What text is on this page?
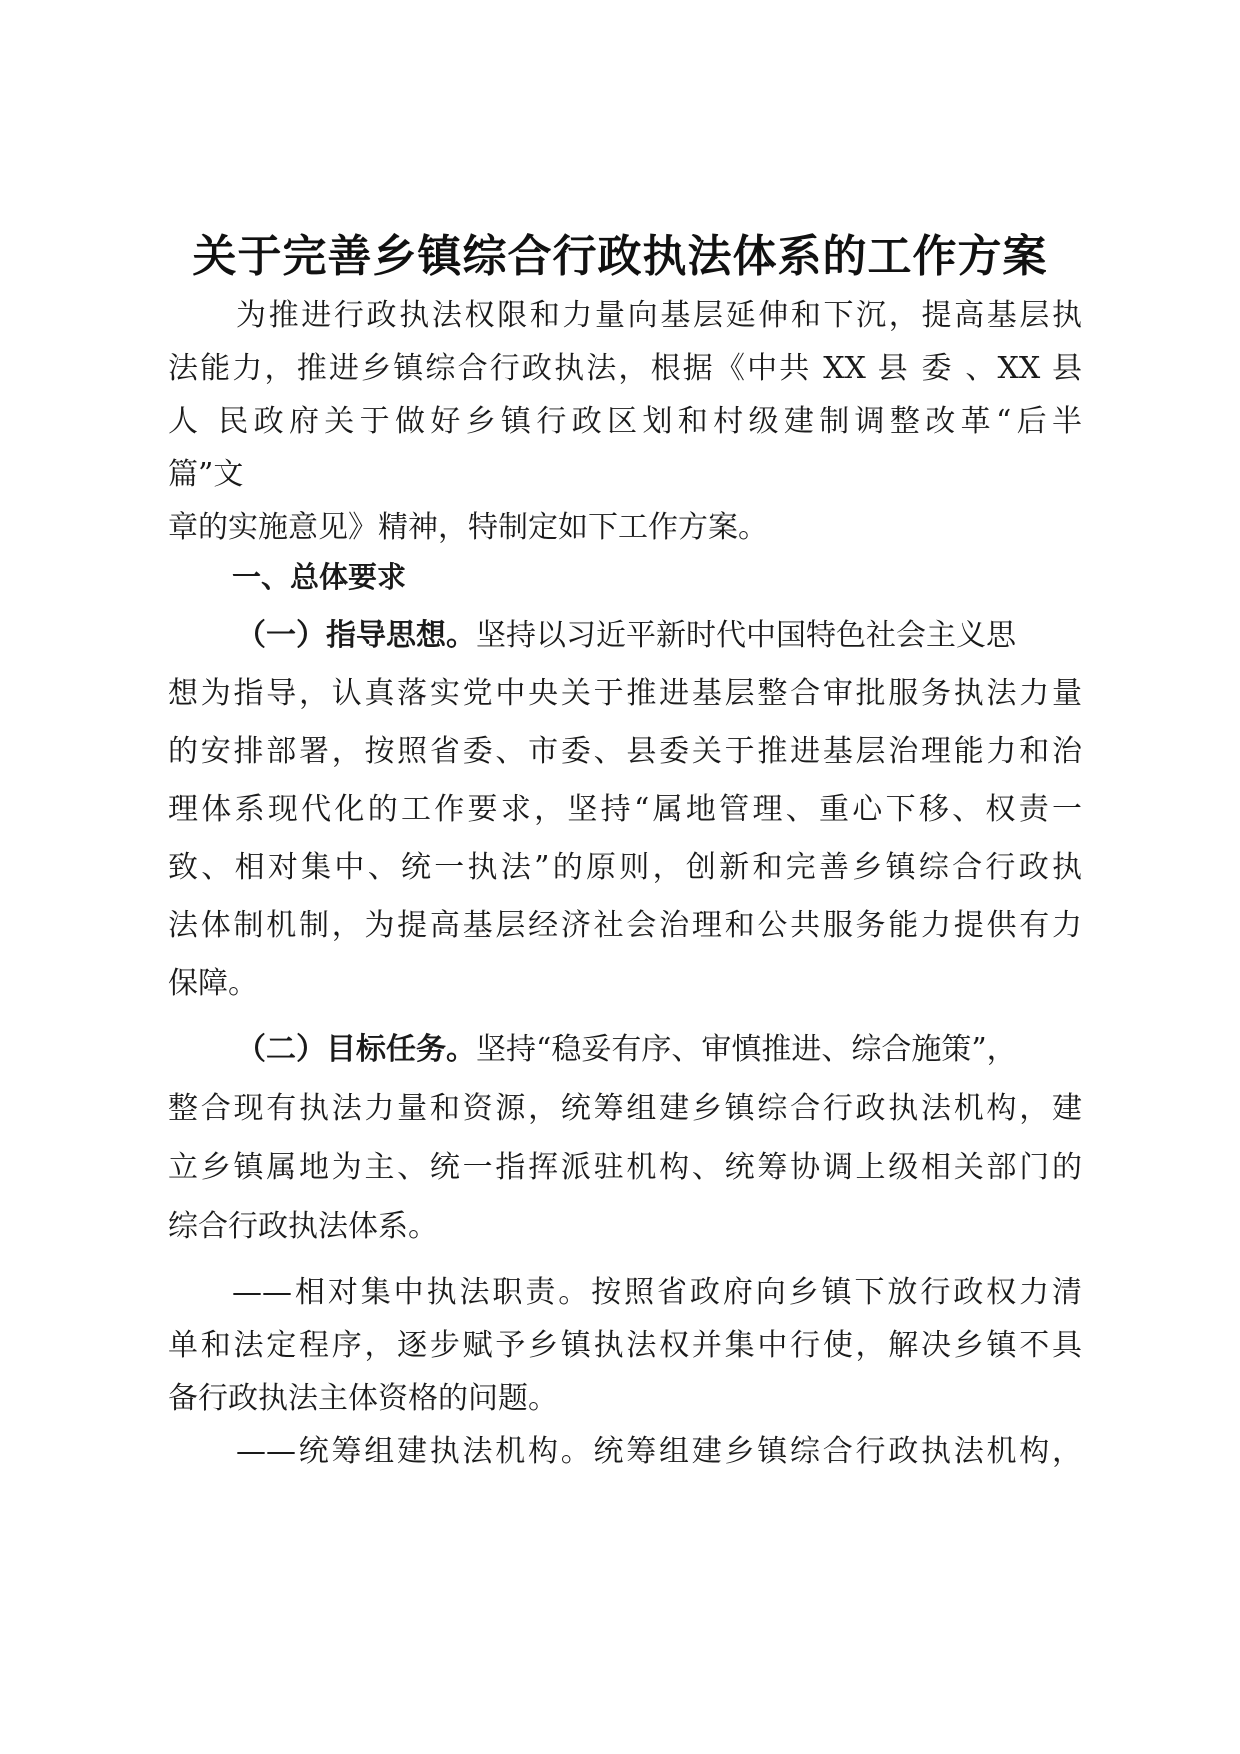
关于完善乡镇综合行政执法体系的工作方案
为推进行政执法权限和力量向基层延伸和下沉，提高基层执
法能力，推进乡镇综合行政执法，根据《中共 XX 县 委 、XX 县
人 民政府关于做好乡镇行政区划和村级建制调整改革“后半
篇”文
章的实施意见》精神，特制定如下工作方案。
一、总体要求
（一）指导思想。坚持以习近平新时代中国特色社会主义思
想为指导，认真落实党中央关于推进基层整合审批服务执法力量
的安排部署，按照省委、市委、县委关于推进基层治理能力和治
理体系现代化的工作要求，坚持“属地管理、重心下移、权责一
致、相对集中、统一执法”的原则，创新和完善乡镇综合行政执
法体制机制，为提高基层经济社会治理和公共服务能力提供有力
保障。
（二）目标任务。坚持“稳妥有序、审慎推进、综合施策”，
整合现有执法力量和资源，统筹组建乡镇综合行政执法机构，建
立乡镇属地为主、统一指挥派驻机构、统筹协调上级相关部门的
综合行政执法体系。
——相对集中执法职责。按照省政府向乡镇下放行政权力清
单和法定程序，逐步赋予乡镇执法权并集中行使，解决乡镇不具
备行政执法主体资格的问题。
——统筹组建执法机构。统筹组建乡镇综合行政执法机构，
